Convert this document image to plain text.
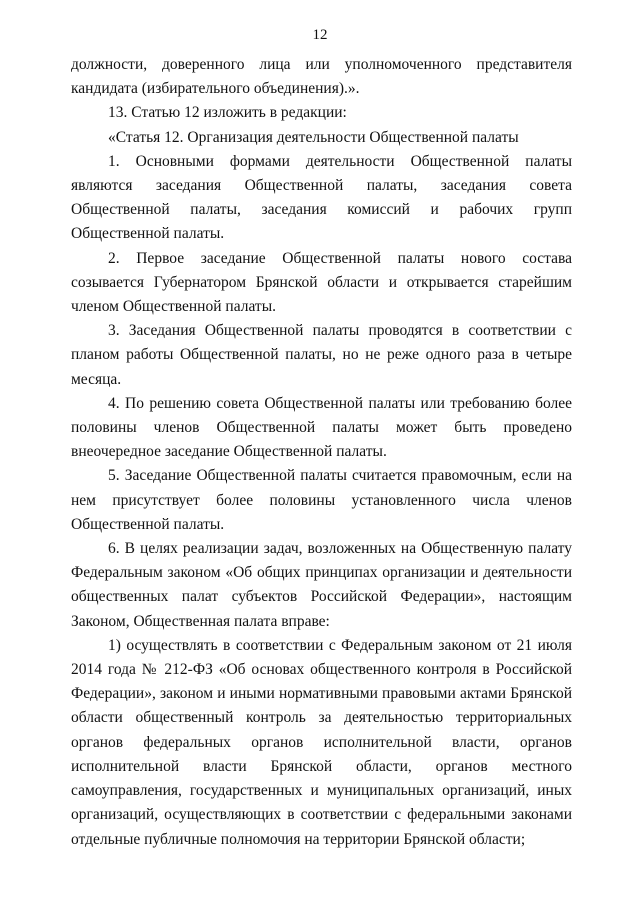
12

должности, доверенного лица или уполномоченного представителя кандидата (избирательного объединения).».

13. Статью 12 изложить в редакции:

«Статья 12. Организация деятельности Общественной палаты

1. Основными формами деятельности Общественной палаты являются заседания Общественной палаты, заседания совета Общественной палаты, заседания комиссий и рабочих групп Общественной палаты.

2. Первое заседание Общественной палаты нового состава созывается Губернатором Брянской области и открывается старейшим членом Общественной палаты.

3. Заседания Общественной палаты проводятся в соответствии с планом работы Общественной палаты, но не реже одного раза в четыре месяца.

4. По решению совета Общественной палаты или требованию более половины членов Общественной палаты может быть проведено внеочередное заседание Общественной палаты.

5. Заседание Общественной палаты считается правомочным, если на нем присутствует более половины установленного числа членов Общественной палаты.

6. В целях реализации задач, возложенных на Общественную палату Федеральным законом «Об общих принципах организации и деятельности общественных палат субъектов Российской Федерации», настоящим Законом, Общественная палата вправе:

1) осуществлять в соответствии с Федеральным законом от 21 июля 2014 года № 212-ФЗ «Об основах общественного контроля в Российской Федерации», законом и иными нормативными правовыми актами Брянской области общественный контроль за деятельностью территориальных органов федеральных органов исполнительной власти, органов исполнительной власти Брянской области, органов местного самоуправления, государственных и муниципальных организаций, иных организаций, осуществляющих в соответствии с федеральными законами отдельные публичные полномочия на территории Брянской области;
